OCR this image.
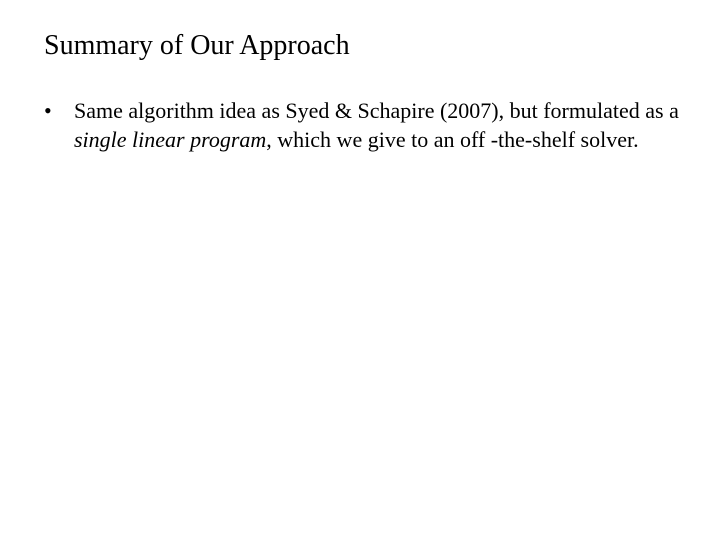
Summary of Our Approach
•	Same algorithm idea as Syed & Schapire (2007), but formulated as a single linear program, which we give to an off -the-shelf solver.
